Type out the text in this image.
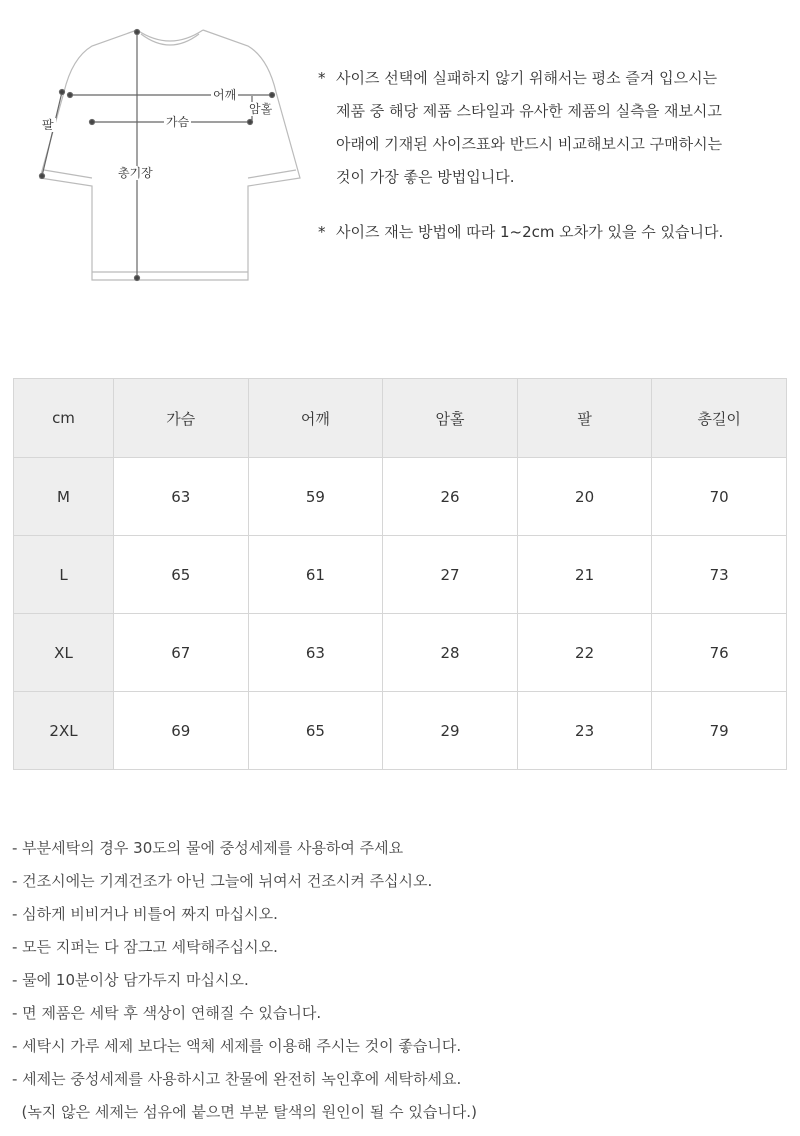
어깨
가슴
암홀
팔
총기장
* 사이즈 선택에 실패하지 않기 위해서는 평소 즐겨 입으시는
제품 중 해당 제품 스타일과 유사한 제품의 실측을 재보시고
아래에 기재된 사이즈표와 반드시 비교해보시고 구매하시는
것이 가장 좋은 방법입니다.
* 사이즈 재는 방법에 따라 1~2cm 오차가 있을 수 있습니다.
cm	가슴	어깨	암홀	팔	총길이
M	63	59	26	20	70
L	65	61	27	21	73
XL	67	63	28	22	76
2XL	69	65	29	23	79
- 부분세탁의 경우 30도의 물에 중성세제를 사용하여 주세요
- 건조시에는 기계건조가 아닌 그늘에 뉘여서 건조시켜 주십시오.
- 심하게 비비거나 비틀어 짜지 마십시오.
- 모든 지퍼는 다 잠그고 세탁해주십시오.
- 물에 10분이상 담가두지 마십시오.
- 면 제품은 세탁 후 색상이 연해질 수 있습니다.
- 세탁시 가루 세제 보다는 액체 세제를 이용해 주시는 것이 좋습니다.
- 세제는 중성세제를 사용하시고 찬물에 완전히 녹인후에 세탁하세요.
(녹지 않은 세제는 섬유에 붙으면 부분 탈색의 원인이 될 수 있습니다.)
